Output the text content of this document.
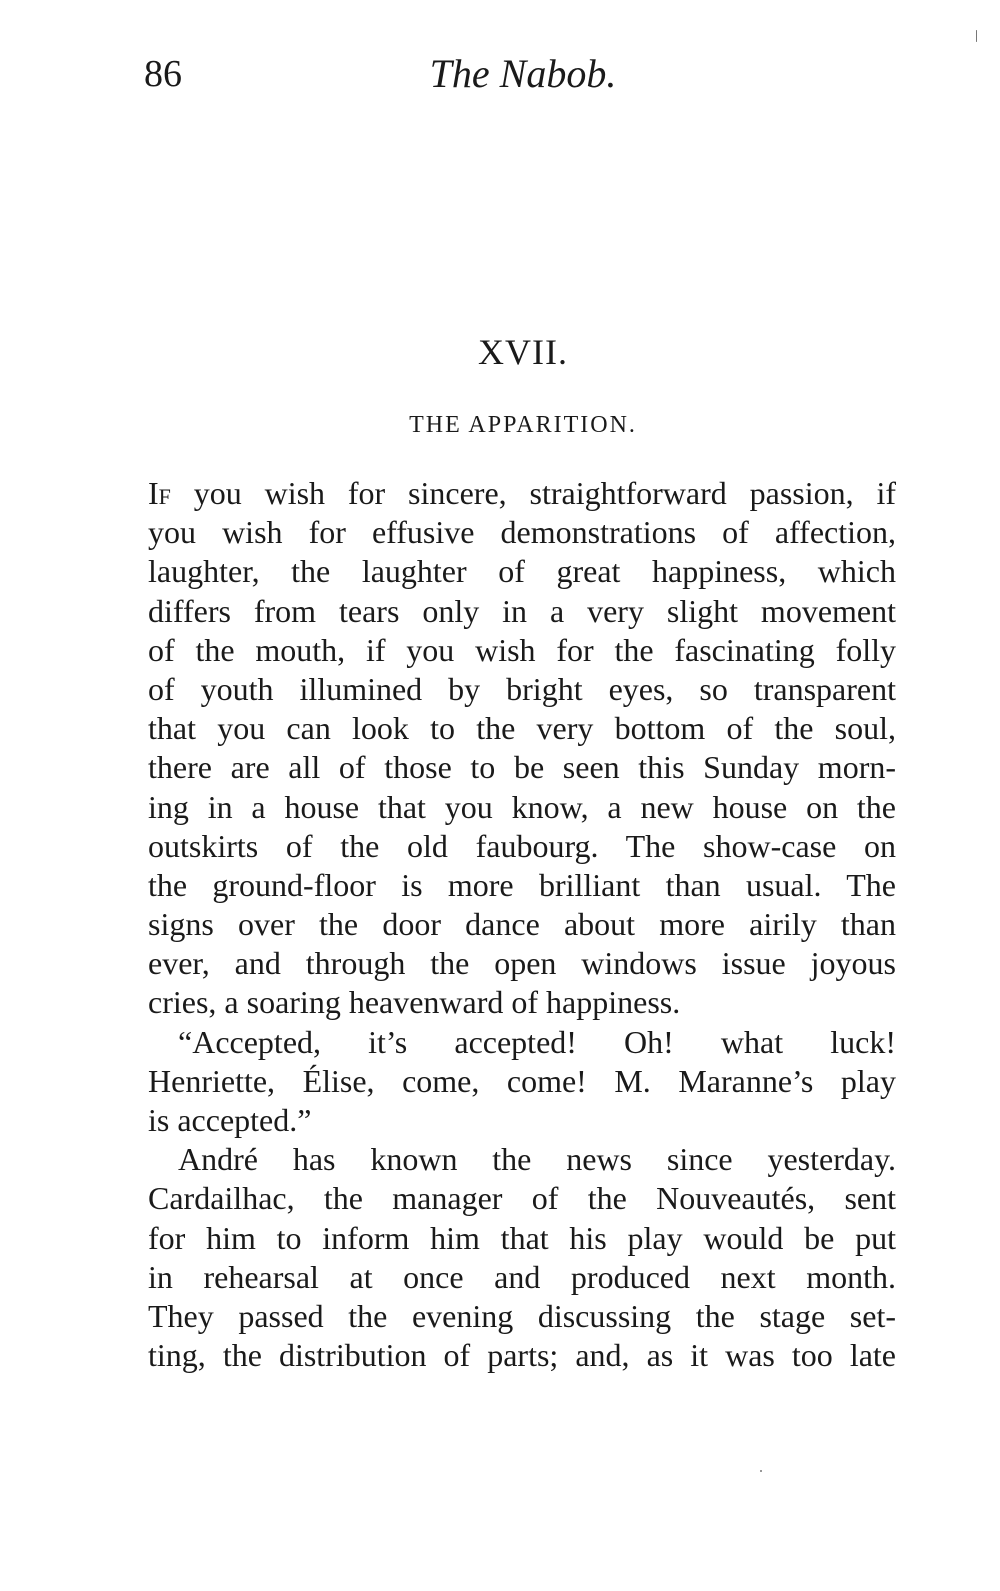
86	The Nabob.
XVII.
THE APPARITION.
If you wish for sincere, straightforward passion, if
you wish for effusive demonstrations of affection,
laughter, the laughter of great happiness, which
differs from tears only in a very slight movement
of the mouth, if you wish for the fascinating folly
of youth illumined by bright eyes, so transparent
that you can look to the very bottom of the soul,
there are all of those to be seen this Sunday morn-
ing in a house that you know, a new house on the
outskirts of the old faubourg. The show-case on
the ground-floor is more brilliant than usual. The
signs over the door dance about more airily than
ever, and through the open windows issue joyous
cries, a soaring heavenward of happiness.
“Accepted, it’s accepted! Oh! what luck!
Henriette, Élise, come, come! M. Maranne’s play
is accepted.”
André has known the news since yesterday.
Cardailhac, the manager of the Nouveautés, sent
for him to inform him that his play would be put
in rehearsal at once and produced next month.
They passed the evening discussing the stage set-
ting, the distribution of parts; and, as it was too late
